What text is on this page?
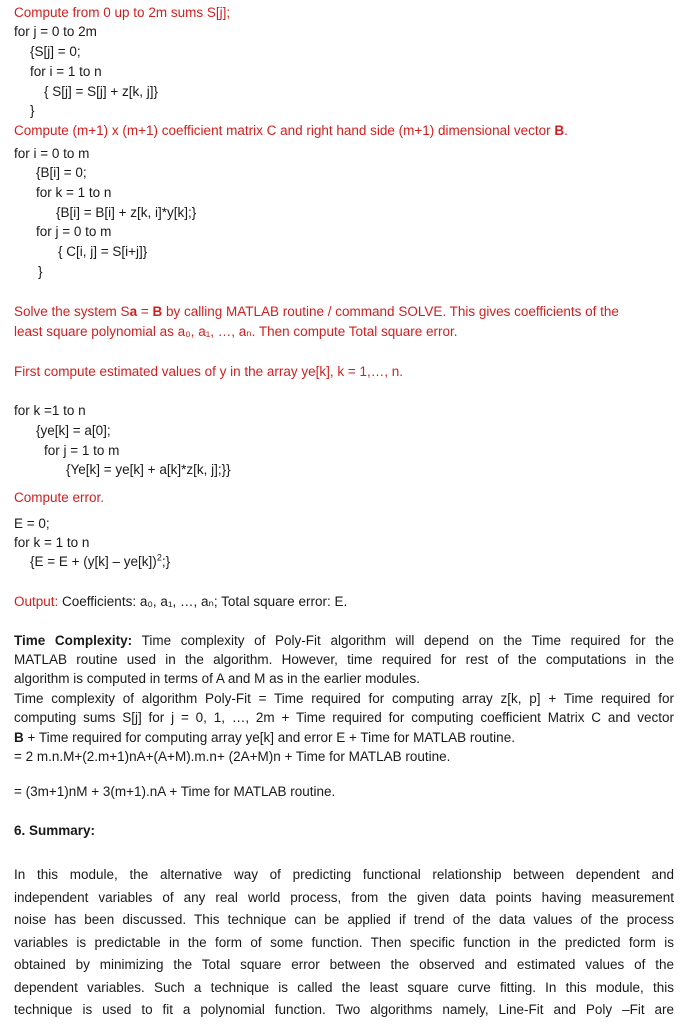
Compute from 0 up to 2m sums S[j];
for j = 0 to 2m
{S[j] = 0;
for i = 1 to n
{ S[j] = S[j] + z[k, j]}
}
Compute (m+1) x (m+1) coefficient matrix C and right hand side (m+1) dimensional vector B.
for i = 0 to m
{B[i] = 0;
for k = 1 to n
{B[i] = B[i] + z[k, i]*y[k];}
for j = 0 to m
{ C[i, j] = S[i+j]}
}
Solve the system Sa = B by calling MATLAB routine / command SOLVE. This gives coefficients of the
least square polynomial as a₀, a₁, …, aₙ. Then compute Total square error.
First compute estimated values of y in the array ye[k], k = 1,…, n.
for k =1 to n
{ye[k] = a[0];
for j = 1 to m
{Ye[k] = ye[k] + a[k]*z[k, j];}}
Compute error.
E = 0;
for k = 1 to n
{E = E + (y[k] – ye[k])$^2$;}
Output: Coefficients: a₀, a₁, …, aₙ; Total square error: E.
Time Complexity: Time complexity of Poly-Fit algorithm will depend on the Time required for the
MATLAB routine used in the algorithm. However, time required for rest of the computations in the
algorithm is computed in terms of A and M as in the earlier modules.
Time complexity of algorithm Poly-Fit = Time required for computing array z[k, p] + Time required for
computing sums S[j] for j = 0, 1, …, 2m + Time required for computing coefficient Matrix C and vector
B + Time required for computing array ye[k] and error E + Time for MATLAB routine.
= 2 m.n.M+(2.m+1)nA+(A+M).m.n+ (2A+M)n + Time for MATLAB routine.
= (3m+1)nM + 3(m+1).nA + Time for MATLAB routine.
6. Summary:
In this module, the alternative way of predicting functional relationship between dependent and
independent variables of any real world process, from the given data points having measurement
noise has been discussed. This technique can be applied if trend of the data values of the process
variables is predictable in the form of some function. Then specific function in the predicted form is
obtained by minimizing the Total square error between the observed and estimated values of the
dependent variables. Such a technique is called the least square curve fitting. In this module, this
technique is used to fit a polynomial function. Two algorithms namely, Line-Fit and Poly –Fit are
